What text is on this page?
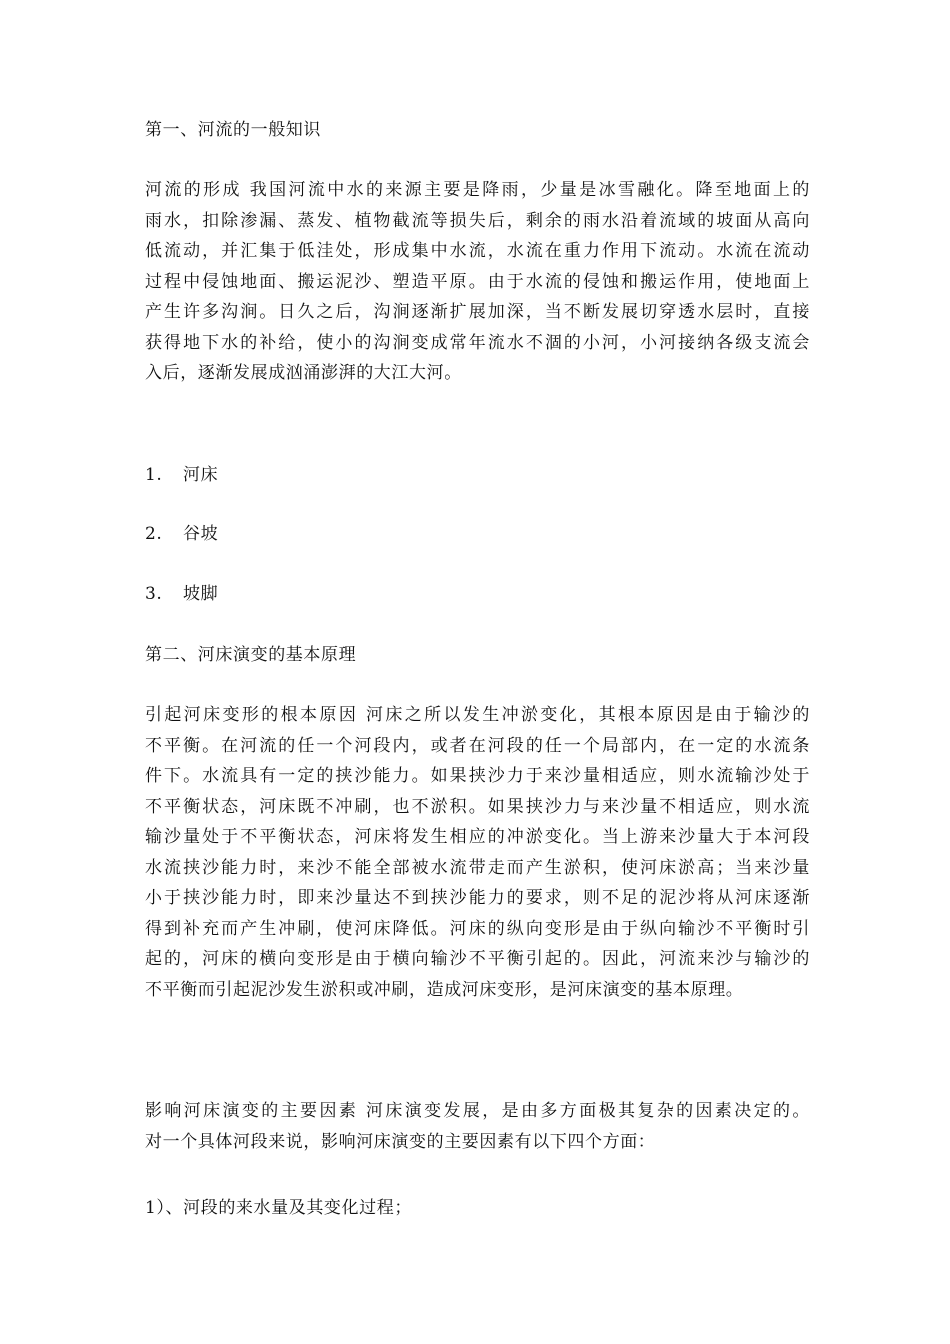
第一、河流的一般知识
河流的形成 我国河流中水的来源主要是降雨，少量是冰雪融化。降至地面上的
雨水，扣除渗漏、蒸发、植物截流等损失后，剩余的雨水沿着流域的坡面从高向
低流动，并汇集于低洼处，形成集中水流，水流在重力作用下流动。水流在流动
过程中侵蚀地面、搬运泥沙、塑造平原。由于水流的侵蚀和搬运作用，使地面上
产生许多沟涧。日久之后，沟涧逐渐扩展加深，当不断发展切穿透水层时，直接
获得地下水的补给，使小的沟涧变成常年流水不涸的小河，小河接纳各级支流会
入后，逐渐发展成汹涌澎湃的大江大河。
1. 河床
2. 谷坡
3. 坡脚
第二、河床演变的基本原理
引起河床变形的根本原因 河床之所以发生冲淤变化，其根本原因是由于输沙的
不平衡。在河流的任一个河段内，或者在河段的任一个局部内，在一定的水流条
件下。水流具有一定的挟沙能力。如果挟沙力于来沙量相适应，则水流输沙处于
不平衡状态，河床既不冲刷，也不淤积。如果挟沙力与来沙量不相适应，则水流
输沙量处于不平衡状态，河床将发生相应的冲淤变化。当上游来沙量大于本河段
水流挟沙能力时，来沙不能全部被水流带走而产生淤积，使河床淤高；当来沙量
小于挟沙能力时，即来沙量达不到挟沙能力的要求，则不足的泥沙将从河床逐渐
得到补充而产生冲刷，使河床降低。河床的纵向变形是由于纵向输沙不平衡时引
起的，河床的横向变形是由于横向输沙不平衡引起的。因此，河流来沙与输沙的
不平衡而引起泥沙发生淤积或冲刷，造成河床变形，是河床演变的基本原理。
影响河床演变的主要因素 河床演变发展，是由多方面极其复杂的因素决定的。
对一个具体河段来说，影响河床演变的主要因素有以下四个方面：
1）、河段的来水量及其变化过程；
